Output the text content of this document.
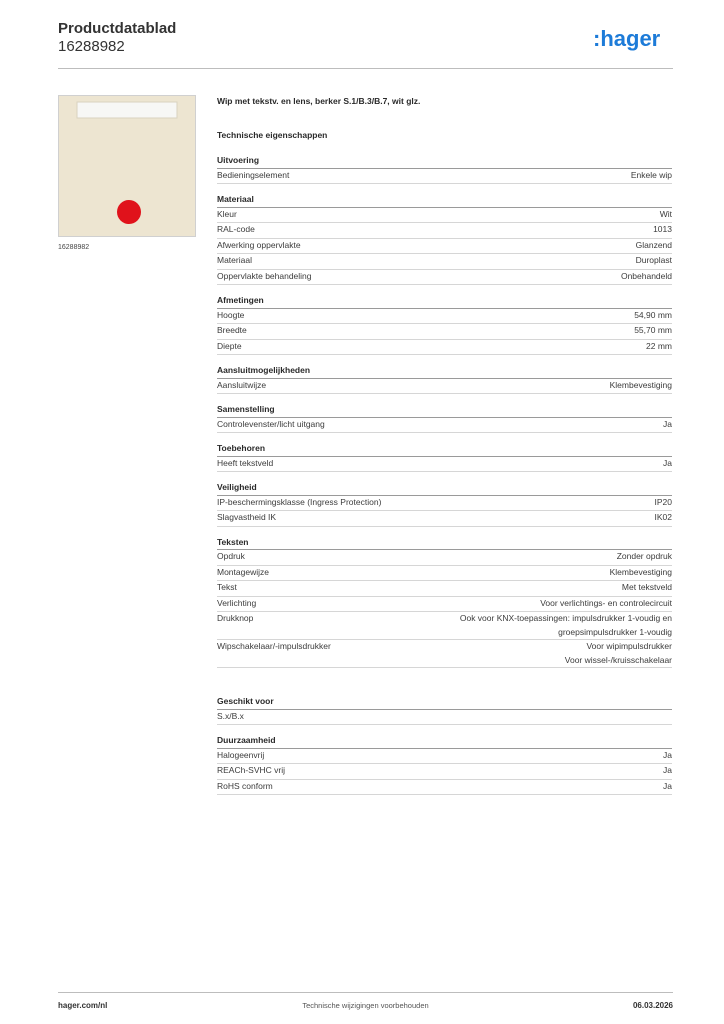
Productdatablad
16288982	:hager
16288982
Wip met tekstv. en lens, berker S.1/B.3/B.7, wit glz.
Technische eigenschappen
Uitvoering
Bedieningselement	Enkele wip
Materiaal
Kleur	Wit
RAL-code	1013
Afwerking oppervlakte	Glanzend
Materiaal	Duroplast
Oppervlakte behandeling	Onbehandeld
Afmetingen
Hoogte	54,90 mm
Breedte	55,70 mm
Diepte	22 mm
Aansluitmogelijkheden
Aansluitwijze	Klembevestiging
Samenstelling
Controlevenster/licht uitgang	Ja
Toebehoren
Heeft tekstveld	Ja
Veiligheid
IP-beschermingsklasse (Ingress Protection)	IP20
Slagvastheid IK	IK02
Teksten
Opdruk	Zonder opdruk
Montagewijze	Klembevestiging
Tekst	Met tekstveld
Verlichting	Voor verlichtings- en controlecircuit
Drukknop	Ook voor KNX-toepassingen: impulsdrukker 1-voudig en
groepsimpulsdrukker 1-voudig
Wipschakelaar/-impulsdrukker	Voor wipimpulsdrukker
Voor wissel-/kruisschakelaar
Geschikt voor
S.x/B.x
Duurzaamheid
Halogeenvrij	Ja
REACh-SVHC vrij	Ja
RoHS conform	Ja
hager.com/nl	Technische wijzigingen voorbehouden	06.03.2026
